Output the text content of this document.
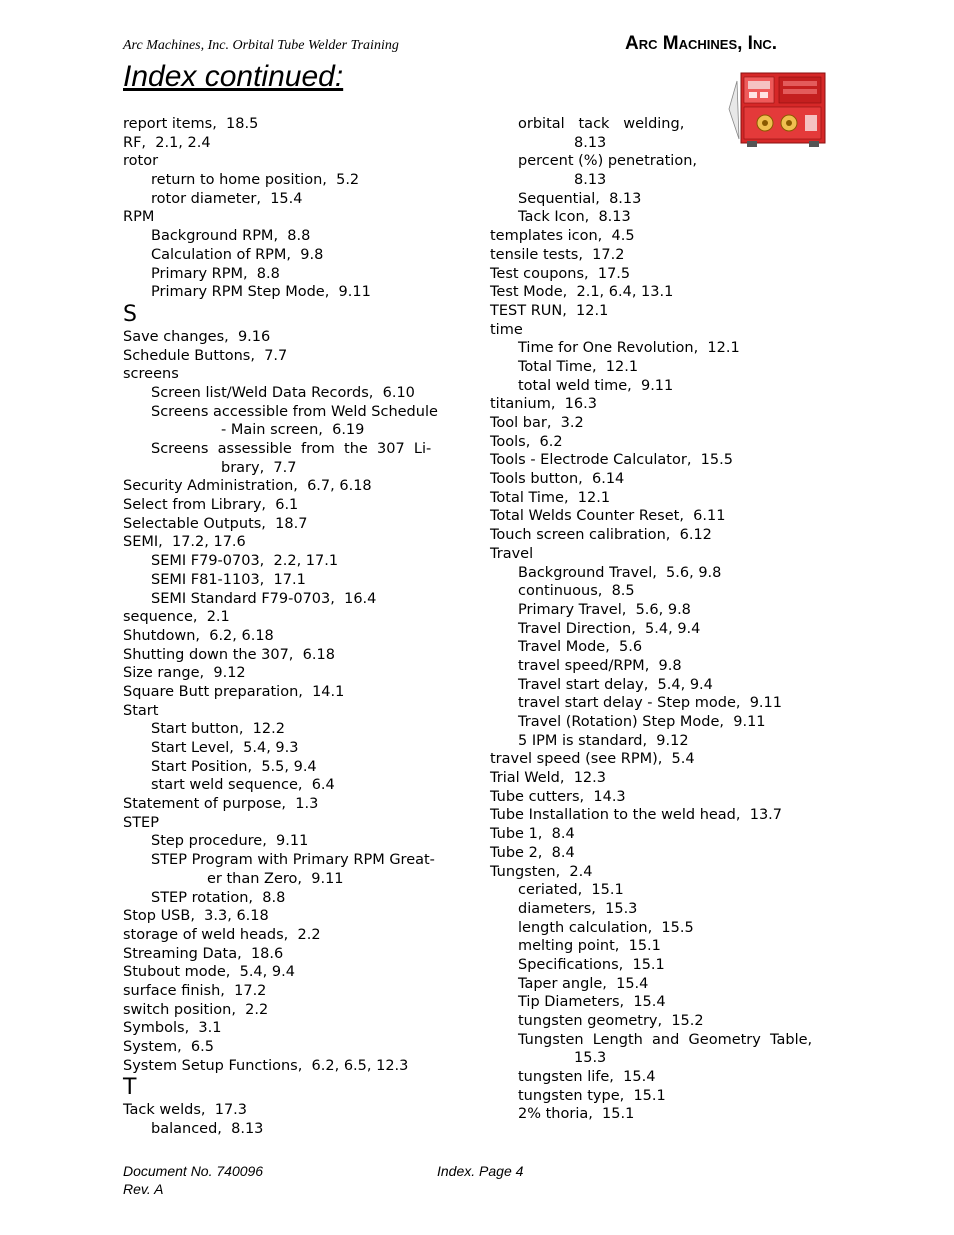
Arc Machines, Inc. Orbital Tube Welder Training	Arc Machines, Inc.
Index continued:
report items,  18.5
RF,  2.1, 2.4
rotor
return to home position,  5.2
rotor diameter,  15.4
RPM
Background RPM,  8.8
Calculation of RPM,  9.8
Primary RPM,  8.8
Primary RPM Step Mode,  9.11
S
Save changes,  9.16
Schedule Buttons,  7.7
screens
Screen list/Weld Data Records,  6.10
Screens accessible from Weld Schedule
- Main screen,  6.19
Screens  assessible  from  the  307  Li-
brary,  7.7
Security Administration,  6.7, 6.18
Select from Library,  6.1
Selectable Outputs,  18.7
SEMI,  17.2, 17.6
SEMI F79-0703,  2.2, 17.1
SEMI F81-1103,  17.1
SEMI Standard F79-0703,  16.4
sequence,  2.1
Shutdown,  6.2, 6.18
Shutting down the 307,  6.18
Size range,  9.12
Square Butt preparation,  14.1
Start
Start button,  12.2
Start Level,  5.4, 9.3
Start Position,  5.5, 9.4
start weld sequence,  6.4
Statement of purpose,  1.3
STEP
Step procedure,  9.11
STEP Program with Primary RPM Great-
er than Zero,  9.11
STEP rotation,  8.8
Stop USB,  3.3, 6.18
storage of weld heads,  2.2
Streaming Data,  18.6
Stubout mode,  5.4, 9.4
surface finish,  17.2
switch position,  2.2
Symbols,  3.1
System,  6.5
System Setup Functions,  6.2, 6.5, 12.3
T
Tack welds,  17.3
balanced,  8.13
orbital   tack   welding,
8.13
percent (%) penetration,
8.13
Sequential,  8.13
Tack Icon,  8.13
templates icon,  4.5
tensile tests,  17.2
Test coupons,  17.5
Test Mode,  2.1, 6.4, 13.1
TEST RUN,  12.1
time
Time for One Revolution,  12.1
Total Time,  12.1
total weld time,  9.11
titanium,  16.3
Tool bar,  3.2
Tools,  6.2
Tools - Electrode Calculator,  15.5
Tools button,  6.14
Total Time,  12.1
Total Welds Counter Reset,  6.11
Touch screen calibration,  6.12
Travel
Background Travel,  5.6, 9.8
continuous,  8.5
Primary Travel,  5.6, 9.8
Travel Direction,  5.4, 9.4
Travel Mode,  5.6
travel speed/RPM,  9.8
Travel start delay,  5.4, 9.4
travel start delay - Step mode,  9.11
Travel (Rotation) Step Mode,  9.11
5 IPM is standard,  9.12
travel speed (see RPM),  5.4
Trial Weld,  12.3
Tube cutters,  14.3
Tube Installation to the weld head,  13.7
Tube 1,  8.4
Tube 2,  8.4
Tungsten,  2.4
ceriated,  15.1
diameters,  15.3
length calculation,  15.5
melting point,  15.1
Specifications,  15.1
Taper angle,  15.4
Tip Diameters,  15.4
tungsten geometry,  15.2
Tungsten  Length  and  Geometry  Table,
15.3
tungsten life,  15.4
tungsten type,  15.1
2% thoria,  15.1
Document No. 740096
Rev. A
Index. Page 4
